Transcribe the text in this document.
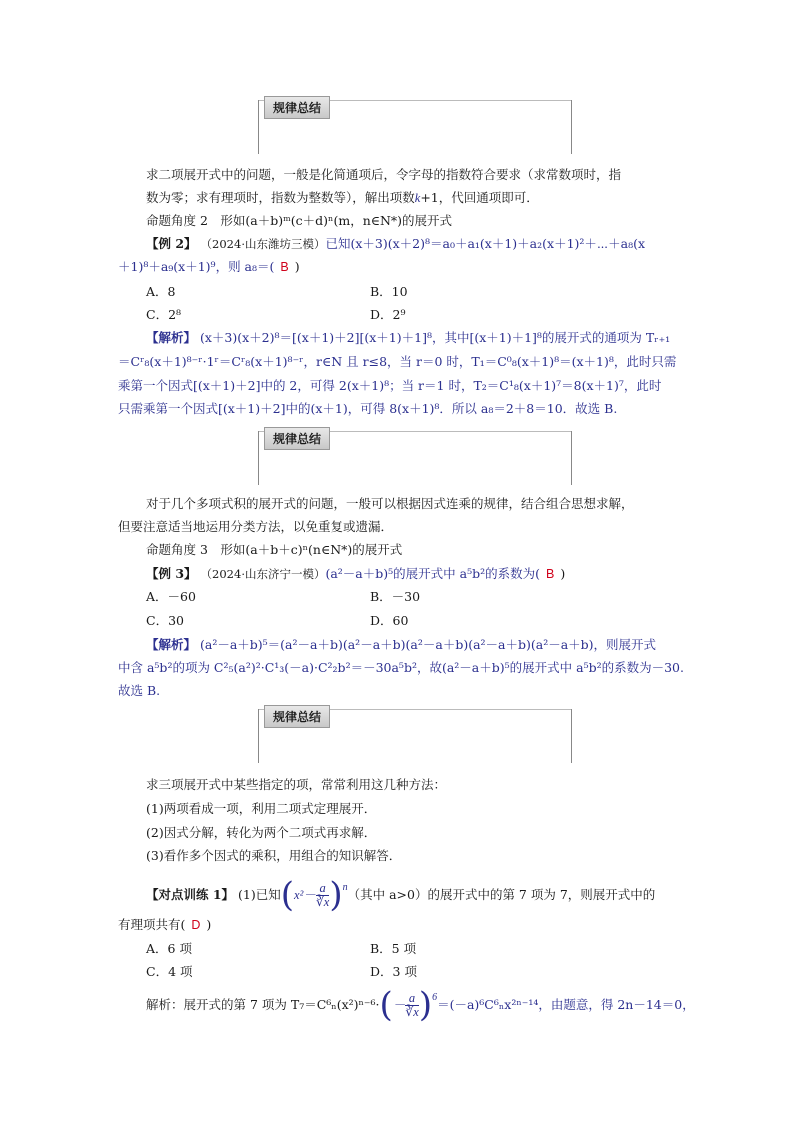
规律总结
求二项展开式中的问题，一般是化简通项后，令字母的指数符合要求（求常数项时，指
数为零；求有理项时，指数为整数等），解出项数k+1，代回通项即可．
命题角度 2　形如(a＋b)ᵐ(c＋d)ⁿ(m，n∈N*)的展开式
【例 2】 （2024·山东潍坊三模）已知(x＋3)(x＋2)⁸＝a₀＋a₁(x＋1)＋a₂(x＋1)²＋⋯＋a₈(x
＋1)⁸＋a₉(x＋1)⁹，则 a₈＝( B )
A．8	B．10
C．2⁸	D．2⁹
【解析】 (x＋3)(x＋2)⁸＝[(x＋1)＋2][(x＋1)＋1]⁸，其中[(x＋1)＋1]⁸的展开式的通项为 Tᵣ₊₁
＝Cʳ₈(x＋1)⁸⁻ʳ·1ʳ＝Cʳ₈(x＋1)⁸⁻ʳ，r∈N 且 r≤8，当 r＝0 时，T₁＝C⁰₈(x＋1)⁸＝(x＋1)⁸，此时只需
乘第一个因式[(x＋1)＋2]中的 2，可得 2(x＋1)⁸；当 r＝1 时，T₂＝C¹₈(x＋1)⁷＝8(x＋1)⁷，此时
只需乘第一个因式[(x＋1)＋2]中的(x＋1)，可得 8(x＋1)⁸．所以 a₈＝2＋8＝10．故选 B.
规律总结
对于几个多项式积的展开式的问题，一般可以根据因式连乘的规律，结合组合思想求解，
但要注意适当地运用分类方法，以免重复或遗漏．
命题角度 3　形如(a＋b＋c)ⁿ(n∈N*)的展开式
【例 3】 （2024·山东济宁一模）(a²－a＋b)⁵的展开式中 a⁵b²的系数为( B )
A．－60	B．－30
C．30	D．60
【解析】 (a²－a＋b)⁵＝(a²－a＋b)(a²－a＋b)(a²－a＋b)(a²－a＋b)(a²－a＋b)，则展开式
中含 a⁵b²的项为 C²₅(a²)²·C¹₃(－a)·C²₂b²＝－30a⁵b²，故(a²－a＋b)⁵的展开式中 a⁵b²的系数为－30.
故选 B.
规律总结
求三项展开式中某些指定的项，常常利用这几种方法：
(1)两项看成一项，利用二项式定理展开．
(2)因式分解，转化为两个二项式再求解．
(3)看作多个因式的乘积，用组合的知识解答．
【对点训练 1】 (1)已知$(x^2- \frac{a}{∛x} )^n$（其中 a>0）的展开式中的第 7 项为 7，则展开式中的
有理项共有( D )
A．6 项	B．5 项
C．4 项	D．3 项
解析：展开式的第 7 项为 $T_7=C^6_n(x^2)^{n-6}\cdot(- \frac{a}{∛x} )^6=(-a)^6C^6_nx^{2n-14}$，由题意，得 2n－14＝0，
